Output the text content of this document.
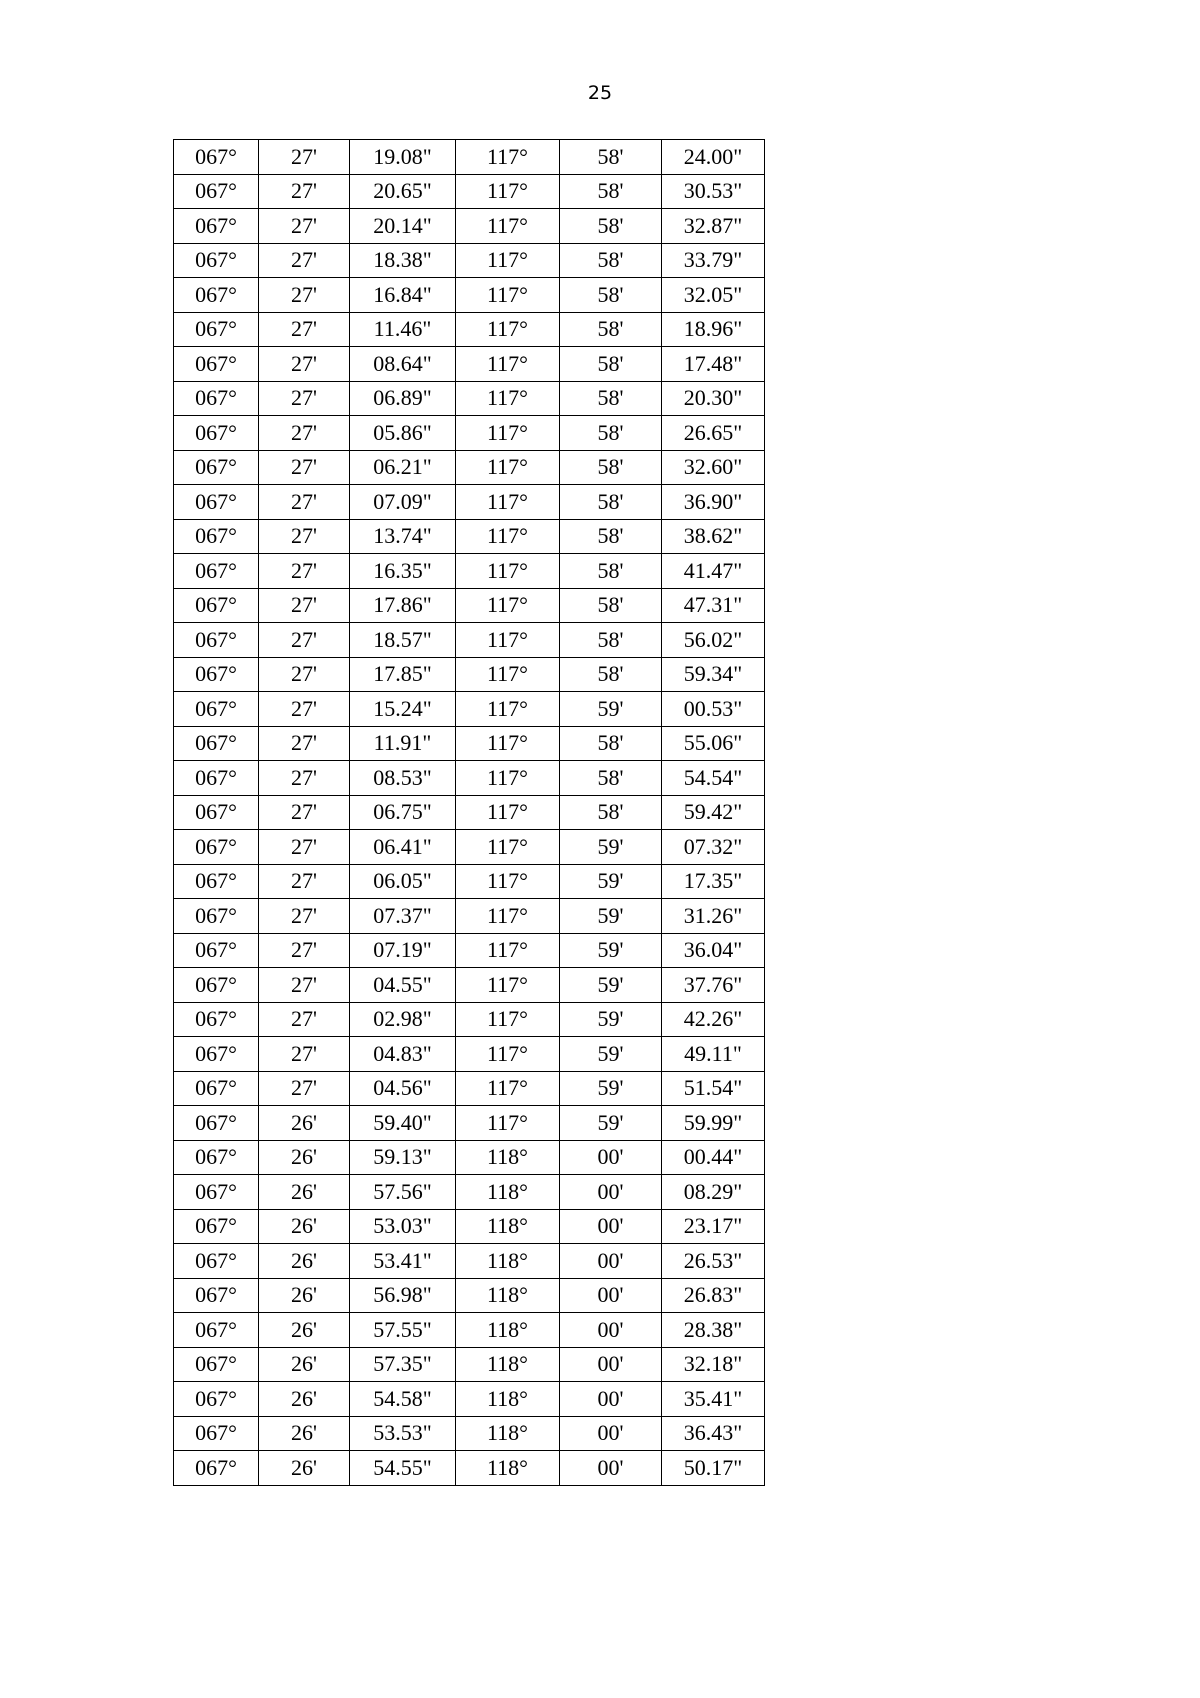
25
067°	27'	19.08"	117°	58'	24.00"
067°	27'	20.65"	117°	58'	30.53"
067°	27'	20.14"	117°	58'	32.87"
067°	27'	18.38"	117°	58'	33.79"
067°	27'	16.84"	117°	58'	32.05"
067°	27'	11.46"	117°	58'	18.96"
067°	27'	08.64"	117°	58'	17.48"
067°	27'	06.89"	117°	58'	20.30"
067°	27'	05.86"	117°	58'	26.65"
067°	27'	06.21"	117°	58'	32.60"
067°	27'	07.09"	117°	58'	36.90"
067°	27'	13.74"	117°	58'	38.62"
067°	27'	16.35"	117°	58'	41.47"
067°	27'	17.86"	117°	58'	47.31"
067°	27'	18.57"	117°	58'	56.02"
067°	27'	17.85"	117°	58'	59.34"
067°	27'	15.24"	117°	59'	00.53"
067°	27'	11.91"	117°	58'	55.06"
067°	27'	08.53"	117°	58'	54.54"
067°	27'	06.75"	117°	58'	59.42"
067°	27'	06.41"	117°	59'	07.32"
067°	27'	06.05"	117°	59'	17.35"
067°	27'	07.37"	117°	59'	31.26"
067°	27'	07.19"	117°	59'	36.04"
067°	27'	04.55"	117°	59'	37.76"
067°	27'	02.98"	117°	59'	42.26"
067°	27'	04.83"	117°	59'	49.11"
067°	27'	04.56"	117°	59'	51.54"
067°	26'	59.40"	117°	59'	59.99"
067°	26'	59.13"	118°	00'	00.44"
067°	26'	57.56"	118°	00'	08.29"
067°	26'	53.03"	118°	00'	23.17"
067°	26'	53.41"	118°	00'	26.53"
067°	26'	56.98"	118°	00'	26.83"
067°	26'	57.55"	118°	00'	28.38"
067°	26'	57.35"	118°	00'	32.18"
067°	26'	54.58"	118°	00'	35.41"
067°	26'	53.53"	118°	00'	36.43"
067°	26'	54.55"	118°	00'	50.17"
